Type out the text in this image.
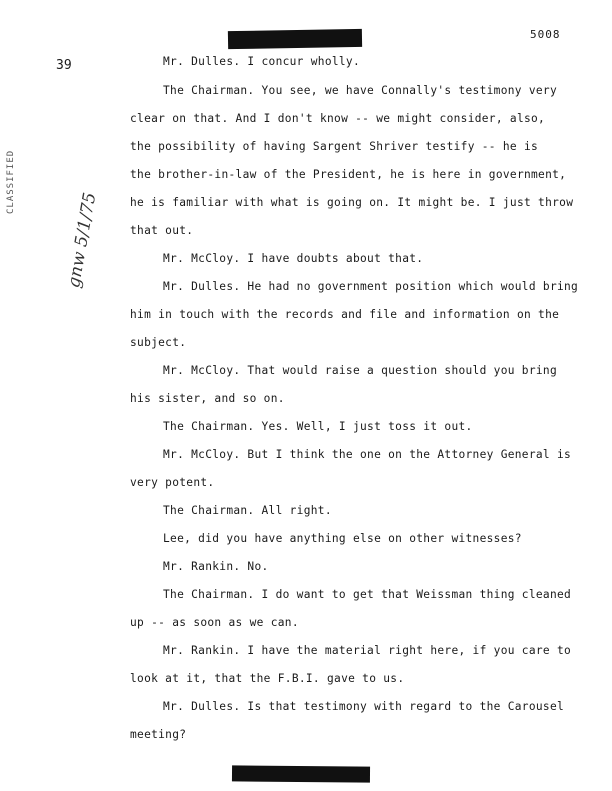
5008
39
CLASSIFIED
gnw 5/1/75
Mr. Dulles. I concur wholly.
The Chairman. You see, we have Connally's testimony very
clear on that. And I don't know -- we might consider, also,
the possibility of having Sargent Shriver testify -- he is
the brother-in-law of the President, he is here in government,
he is familiar with what is going on. It might be. I just throw
that out.
Mr. McCloy. I have doubts about that.
Mr. Dulles. He had no government position which would bring
him in touch with the records and file and information on the
subject.
Mr. McCloy. That would raise a question should you bring
his sister, and so on.
The Chairman. Yes. Well, I just toss it out.
Mr. McCloy. But I think the one on the Attorney General is
very potent.
The Chairman. All right.
Lee, did you have anything else on other witnesses?
Mr. Rankin. No.
The Chairman. I do want to get that Weissman thing cleaned
up -- as soon as we can.
Mr. Rankin. I have the material right here, if you care to
look at it, that the F.B.I. gave to us.
Mr. Dulles. Is that testimony with regard to the Carousel
meeting?
